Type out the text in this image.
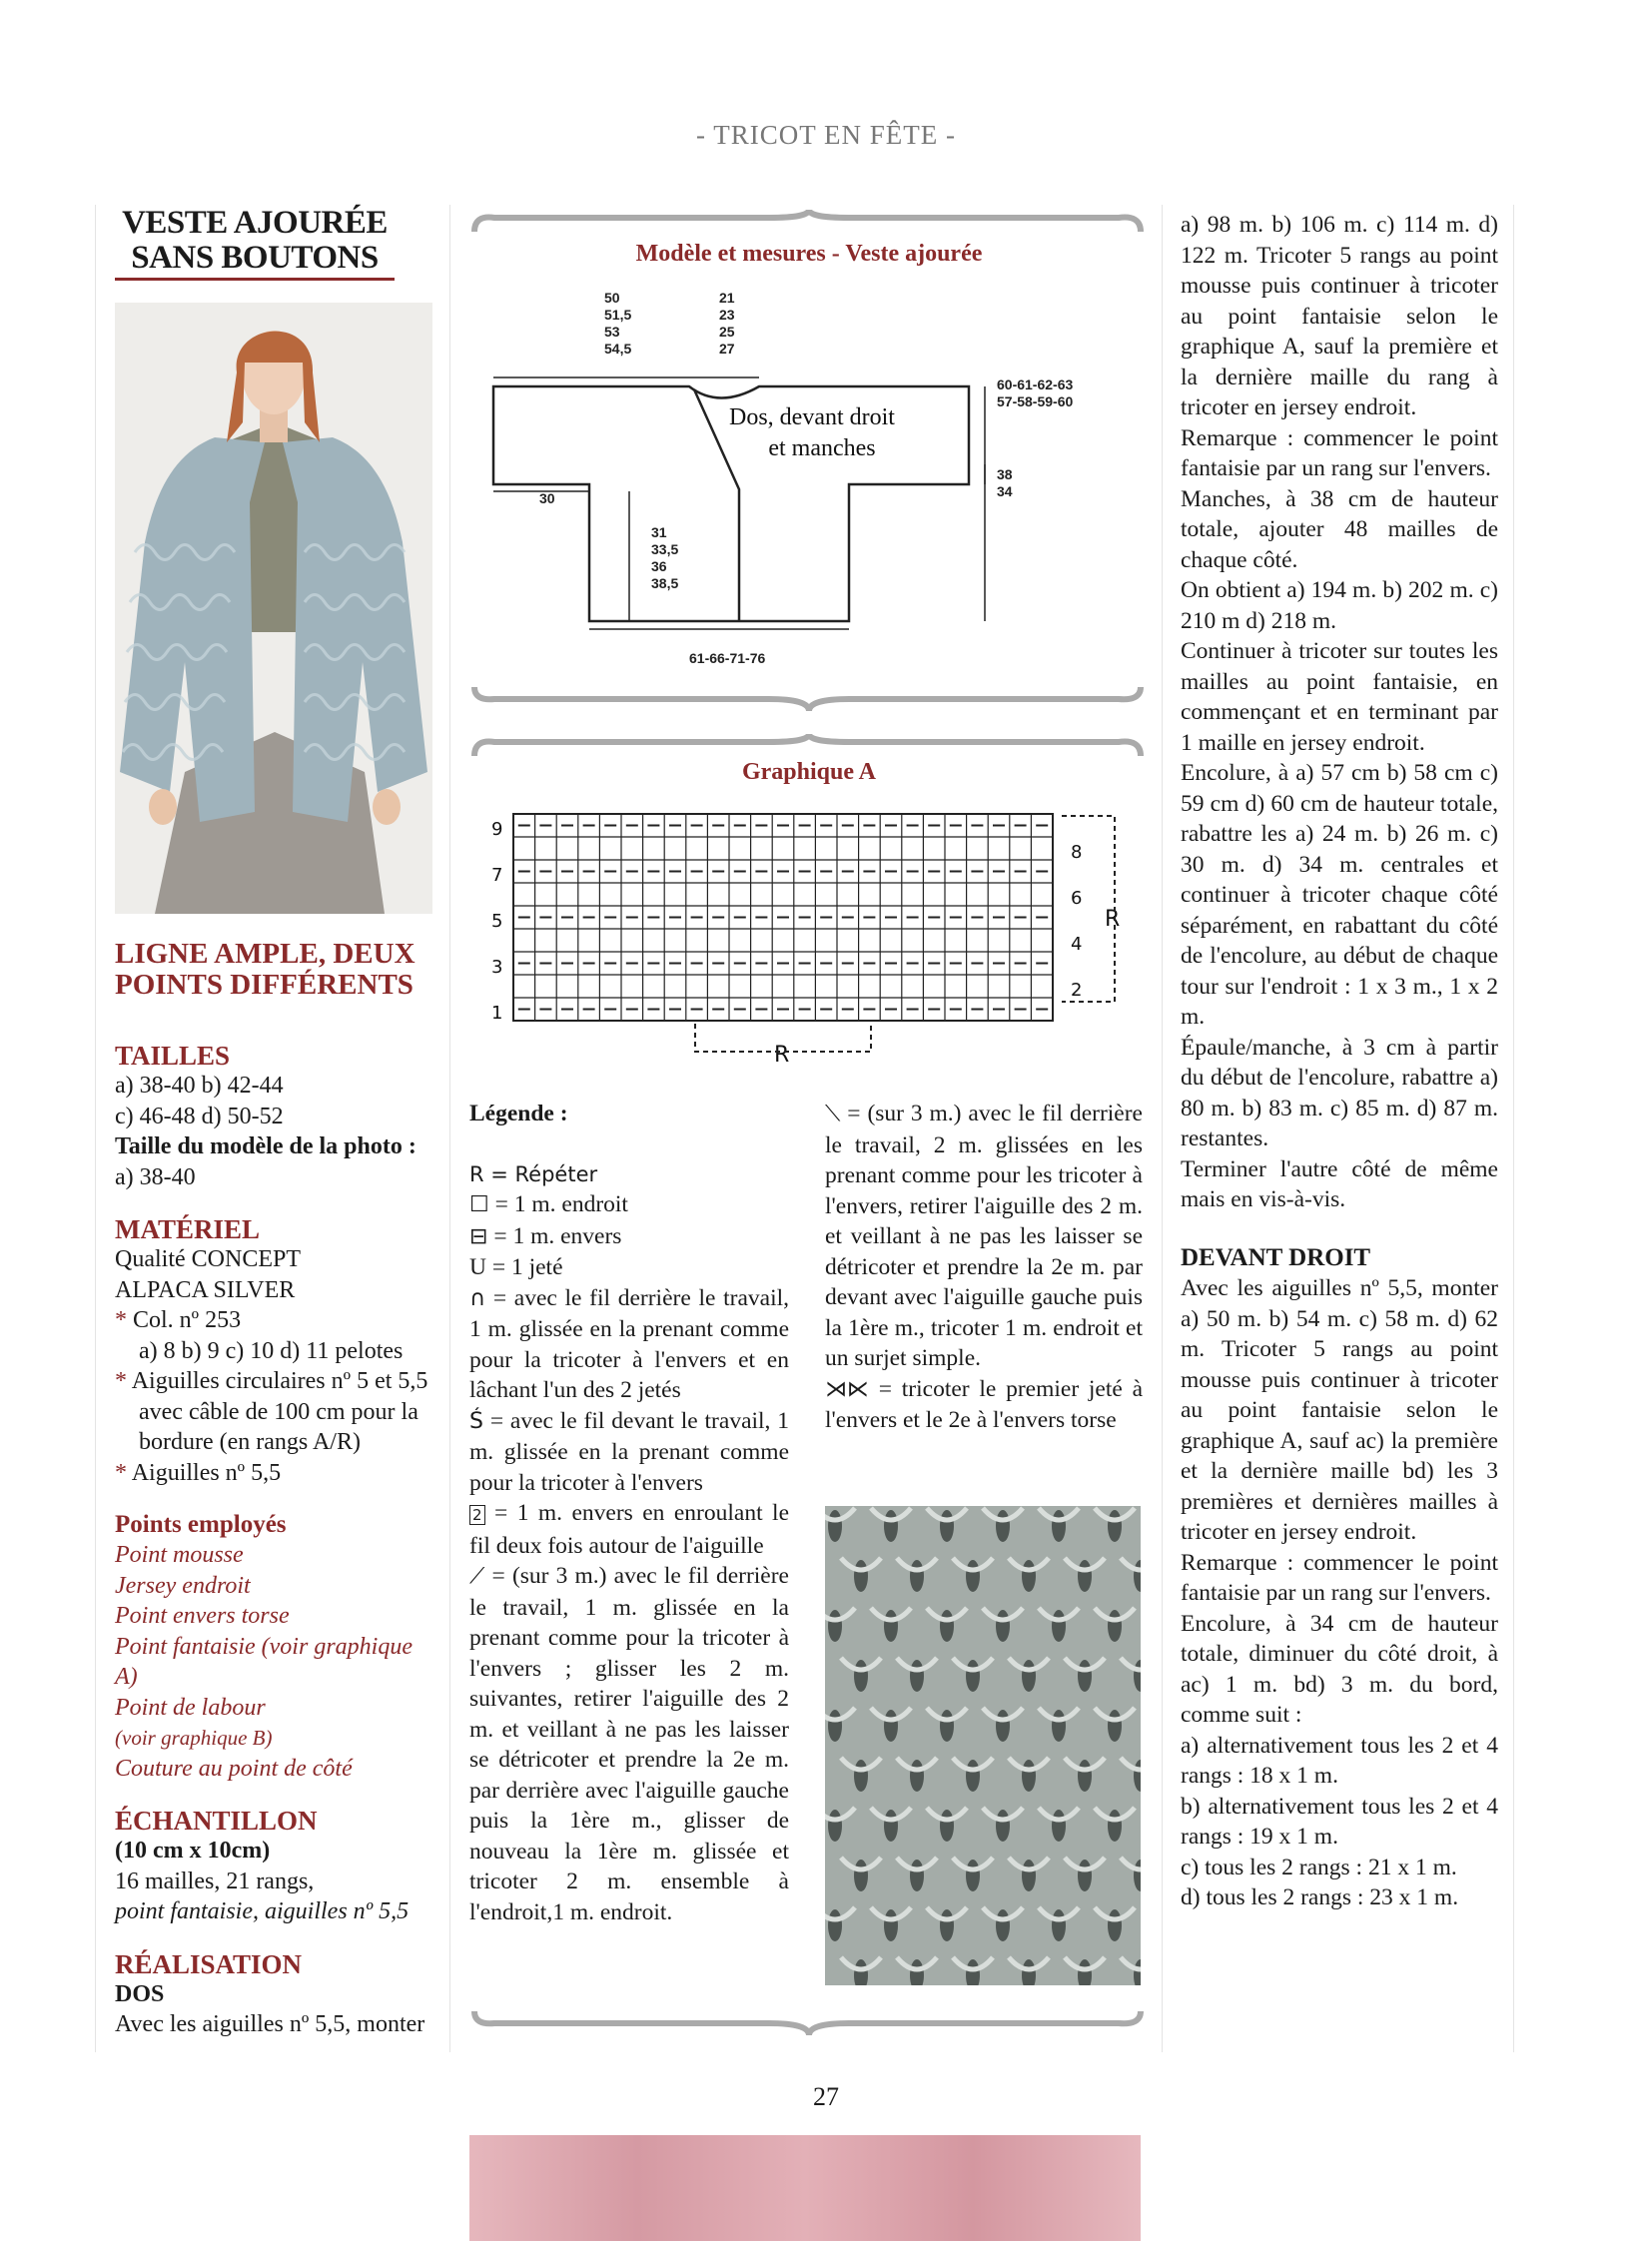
- TRICOT EN FÊTE -
VESTE AJOURÉE
SANS BOUTONS
LIGNE AMPLE, DEUX POINTS DIFFÉRENTS
TAILLES
a) 38-40 b) 42-44
c) 46-48 d) 50-52
Taille du modèle de la photo :
a) 38-40
MATÉRIEL
Qualité CONCEPT
ALPACA SILVER
* Col. nº 253
a) 8 b) 9 c) 10 d) 11 pelotes
* Aiguilles circulaires nº 5 et 5,5
avec câble de 100 cm pour la
bordure (en rangs A/R)
* Aiguilles nº 5,5
Points employés
Point mousse
Jersey endroit
Point envers torse
Point fantaisie (voir graphique A)
Point de labour
(voir graphique B)
Couture au point de côté
ÉCHANTILLON
(10 cm x 10cm)
16 mailles, 21 rangs,
point fantaisie, aiguilles nº 5,5
RÉALISATION
DOS
Avec les aiguilles nº 5,5, monter
Modèle et mesures - Veste ajourée
50
51,5
53
54,5
21
23
25
27
60-61-62-63
57-58-59-60
38
34
30
31
33,5
36
38,5
61-66-71-76
Dos, devant droit
et manches
Graphique A
9
7
5
3
1
8
6
4
2
R
R

Légende :

R = Répéter

☐ = 1 m. endroit

⊟ = 1 m. envers

U = 1 jeté

∩ = avec le fil derrière le travail, 1 m. glissée en la prenant comme pour la tricoter à l'envers et en lâchant l'un des 2 jetés

Ś = avec le fil devant le travail, 1 m. glissée en la prenant comme pour la tricoter à l'envers

2 = 1 m. envers en enroulant le fil deux fois autour de l'aiguille

⟋ = (sur 3 m.) avec le fil derrière le travail, 1 m. glissée en la prenant comme pour la tricoter à l'envers ; glisser les 2 m. suivantes, retirer l'aiguille des 2 m. et veillant à ne pas les laisser se détricoter et prendre la 2e m. par derrière avec l'aiguille gauche puis la 1ère m., glisser de nouveau la 1ère m. glissée et tricoter 2 m. ensemble à l'endroit,1 m. endroit.

⟍ = (sur 3 m.) avec le fil derrière le travail, 2 m. glissées en les prenant comme pour les tricoter à l'envers, retirer l'aiguille des 2 m. et veillant à ne pas les laisser se détricoter et prendre la 2e m. par devant avec l'aiguille gauche puis la 1ère m., tricoter 1 m. endroit et un surjet simple.

⋊⋉ = tricoter le premier jeté à l'envers et le 2e à l'envers torse

a) 98 m. b) 106 m. c) 114 m. d) 122 m. Tricoter 5 rangs au point mousse puis continuer à tricoter au point fantaisie selon le graphique A, sauf la première et la dernière maille du rang à tricoter en jersey endroit.

Remarque : commencer le point fantaisie par un rang sur l'envers.

Manches, à 38 cm de hauteur totale, ajouter 48 mailles de chaque côté.

On obtient a) 194 m. b) 202 m. c) 210 m d) 218 m.

Continuer à tricoter sur toutes les mailles au point fantaisie, en commençant et en terminant par 1 maille en jersey endroit.

Encolure, à a) 57 cm b) 58 cm c) 59 cm d) 60 cm de hauteur totale, rabattre les a) 24 m. b) 26 m. c) 30 m. d) 34 m. centrales et continuer à tricoter chaque côté séparément, en rabattant du côté de l'encolure, au début de chaque tour sur l'endroit : 1 x 3 m., 1 x 2 m.

Épaule/manche, à 3 cm à partir du début de l'encolure, rabattre a) 80 m. b) 83 m. c) 85 m. d) 87 m. restantes.

Terminer l'autre côté de même mais en vis-à-vis.

DEVANT DROIT

Avec les aiguilles nº 5,5, monter a) 50 m. b) 54 m. c) 58 m. d) 62 m. Tricoter 5 rangs au point mousse puis continuer à tricoter au point fantaisie selon le graphique A, sauf ac) la première et la dernière maille bd) les 3 premières et dernières mailles à tricoter en jersey endroit.

Remarque : commencer le point fantaisie par un rang sur l'envers.

Encolure, à 34 cm de hauteur totale, diminuer du côté droit, à ac) 1 m. bd) 3 m. du bord, comme suit :

a) alternativement tous les 2 et 4 rangs : 18 x 1 m.

b) alternativement tous les 2 et 4 rangs : 19 x 1 m.

c) tous les 2 rangs : 21 x 1 m.

d) tous les 2 rangs : 23 x 1 m.

27
